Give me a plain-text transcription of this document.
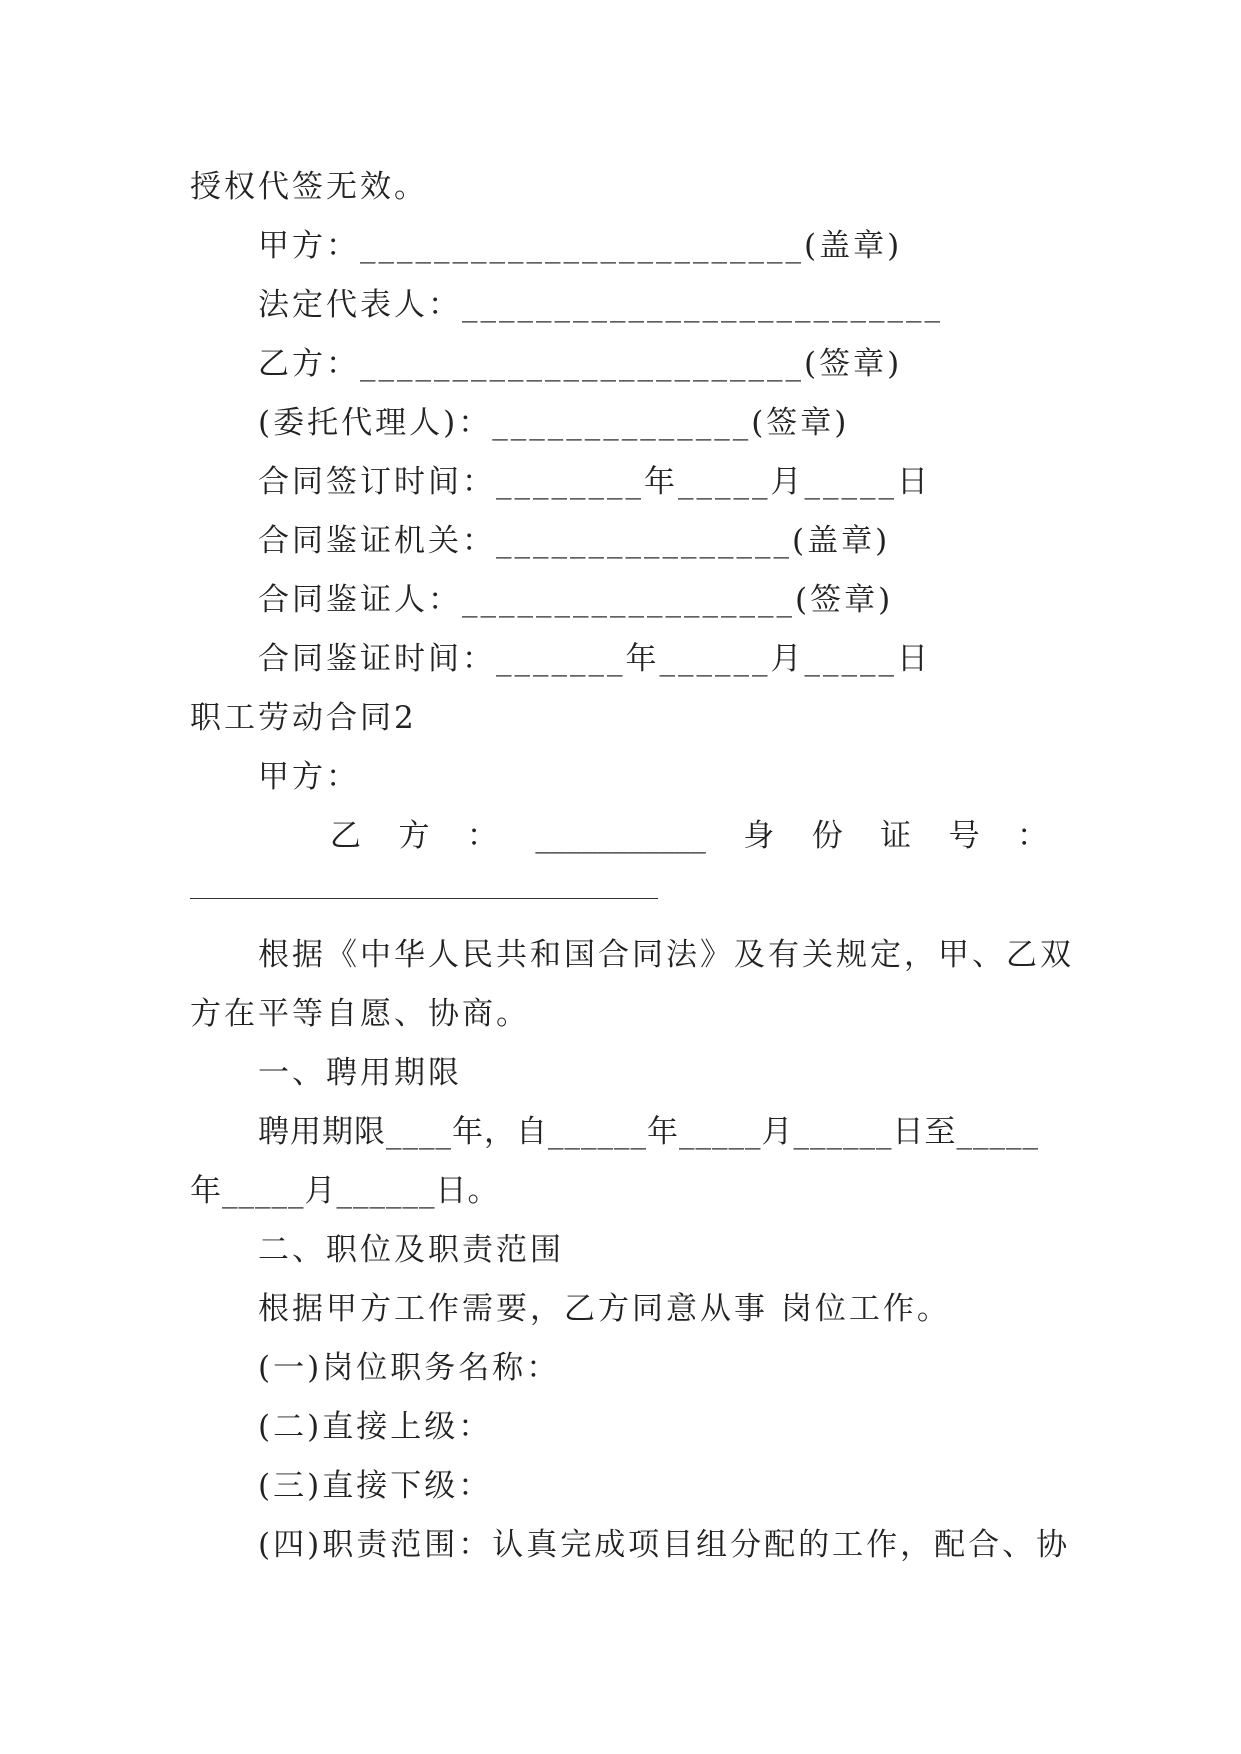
授权代签无效。
甲方：________________________(盖章)
法定代表人：__________________________
乙方：________________________(签章)
(委托代理人)：______________(签章)
合同签订时间：________年_____月_____日
合同鉴证机关：________________(盖章)
合同鉴证人：__________________(签章)
合同鉴证时间：_______年______月_____日
职工劳动合同2
甲方：
乙 方 ： ___________ 身 份 证 号 ：
根据《中华人民共和国合同法》及有关规定，甲、乙双
方在平等自愿、协商。
一、聘用期限
聘用期限____年，自______年_____月______日至_____
年_____月______日。
二、职位及职责范围
根据甲方工作需要，乙方同意从事 岗位工作。
(一)岗位职务名称：
(二)直接上级：
(三)直接下级：
(四)职责范围：认真完成项目组分配的工作，配合、协
